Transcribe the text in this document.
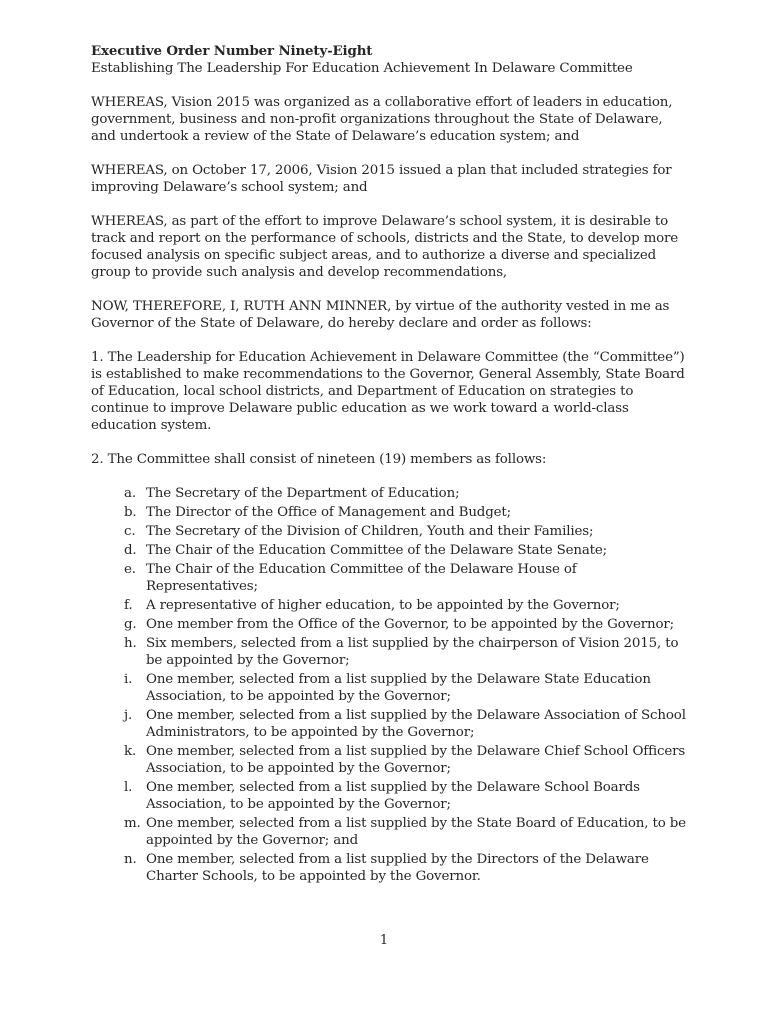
Executive Order Number Ninety-Eight

Establishing The Leadership For Education Achievement In Delaware Committee

WHEREAS, Vision 2015 was organized as a collaborative effort of leaders in education, government, business and non-profit organizations throughout the State of Delaware, and undertook a review of the State of Delaware’s education system; and

WHEREAS, on October 17, 2006, Vision 2015 issued a plan that included strategies for improving Delaware’s school system; and

WHEREAS, as part of the effort to improve Delaware’s school system, it is desirable to track and report on the performance of schools, districts and the State, to develop more focused analysis on specific subject areas, and to authorize a diverse and specialized group to provide such analysis and develop recommendations,

NOW, THEREFORE, I, RUTH ANN MINNER, by virtue of the authority vested in me as Governor of the State of Delaware, do hereby declare and order as follows:

1. The Leadership for Education Achievement in Delaware Committee (the “Committee”) is established to make recommendations to the Governor, General Assembly, State Board of Education, local school districts, and Department of Education on strategies to continue to improve Delaware public education as we work toward a world-class education system.

2. The Committee shall consist of nineteen (19) members as follows:

a. The Secretary of the Department of Education;
b. The Director of the Office of Management and Budget;
c. The Secretary of the Division of Children, Youth and their Families;
d. The Chair of the Education Committee of the Delaware State Senate;
e. The Chair of the Education Committee of the Delaware House of Representatives;
f.	A representative of higher education, to be appointed by the Governor;
g. One member from the Office of the Governor, to be appointed by the Governor;
h. Six members, selected from a list supplied by the chairperson of Vision 2015, to be appointed by the Governor;
i.	One member, selected from a list supplied by the Delaware State Education Association, to be appointed by the Governor;
j.	One member, selected from a list supplied by the Delaware Association of School Administrators, to be appointed by the Governor;
k. One member, selected from a list supplied by the Delaware Chief School Officers Association, to be appointed by the Governor;
l.	One member, selected from a list supplied by the Delaware School Boards Association, to be appointed by the Governor;
m. One member, selected from a list supplied by the State Board of Education, to be appointed by the Governor; and
n. One member, selected from a list supplied by the Directors of the Delaware Charter Schools, to be appointed by the Governor.
1
